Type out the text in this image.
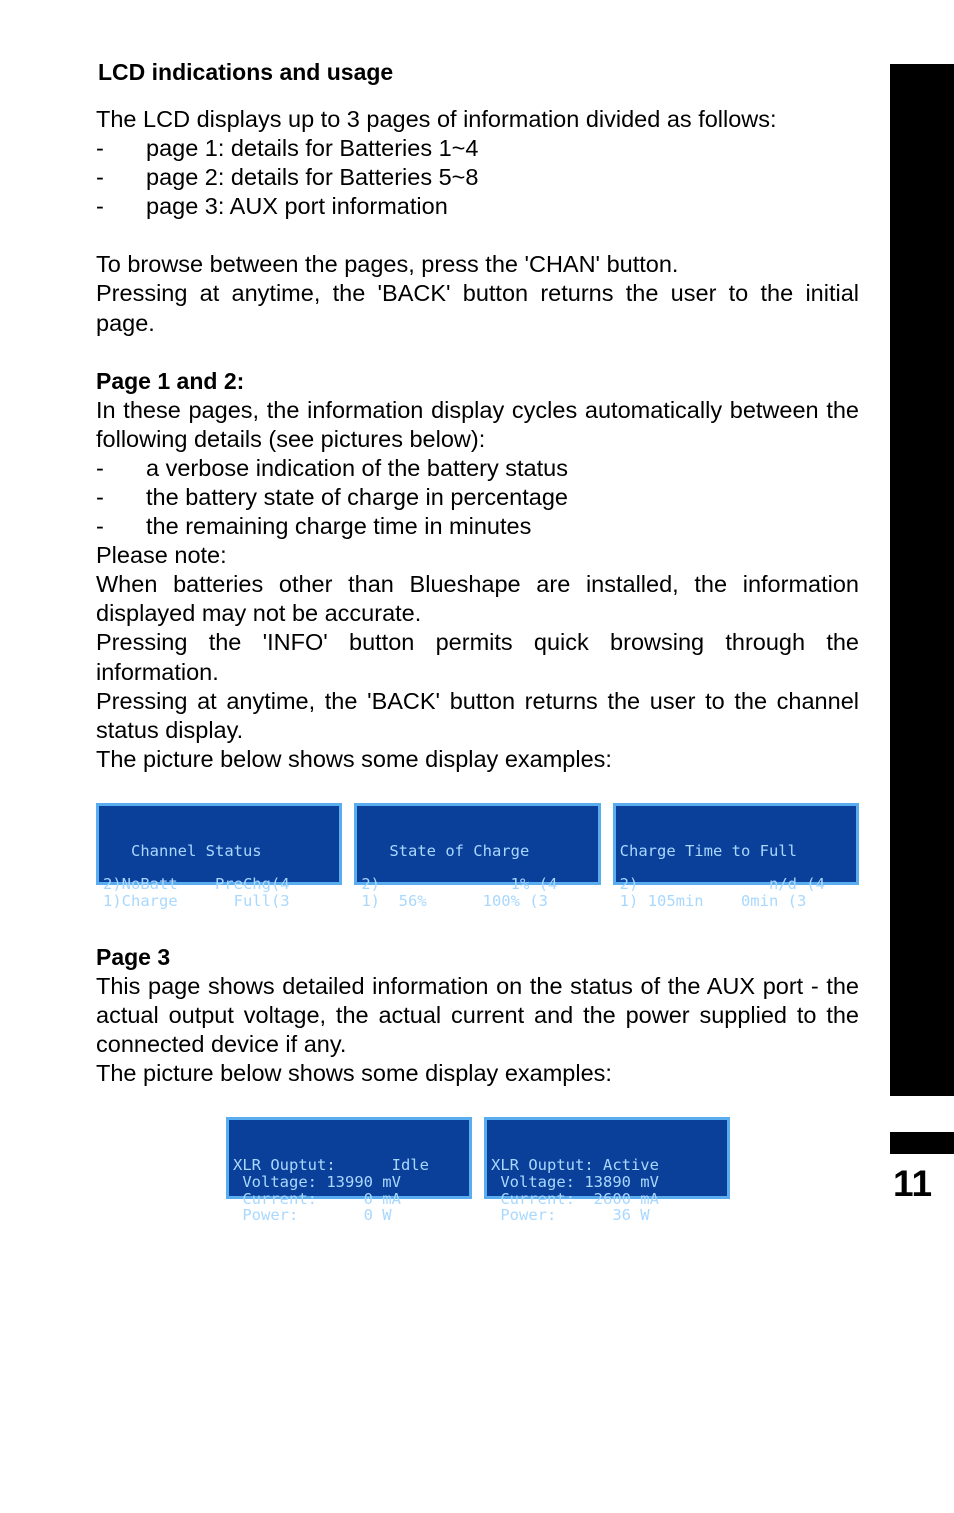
11
LCD indications and usage

The LCD displays up to 3 pages of information divided as follows:

-	page 1: details for Batteries 1~4
-	page 2: details for Batteries 5~8
-	page 3: AUX port information

To browse between the pages, press the 'CHAN' button.

Pressing at anytime, the 'BACK' button returns the user to the initial page.

Page 1 and 2:

In these pages, the information display cycles automatically between the following details (see pictures below):

-	a verbose indication of the battery status
-	the battery state of charge in percentage
-	the remaining charge time in minutes

Please note:

When batteries other than Blueshape are installed, the information displayed may not be accurate.

Pressing the 'INFO' button permits quick browsing through the information.

Pressing at anytime, the 'BACK' button returns the user to the channel status display.

The picture below shows some display examples:

Channel Status
2)NoBatt    PreChg(4
1)Charge      Full(3

State of Charge
2)              1% (4
1)  56%      100% (3

Charge Time to Full
2)              n/d (4
1) 105min    0min (3

Page 3

This page shows detailed information on the status of the AUX port - the actual output voltage, the actual current and the power supplied to the connected device if any.

The picture below shows some display examples:

XLR Ouptut:      Idle
Voltage: 13990 mV
Current:     0 mA
Power:       0 W

XLR Ouptut: Active
Voltage: 13890 mV
Current:  2600 mA
Power:      36 W
